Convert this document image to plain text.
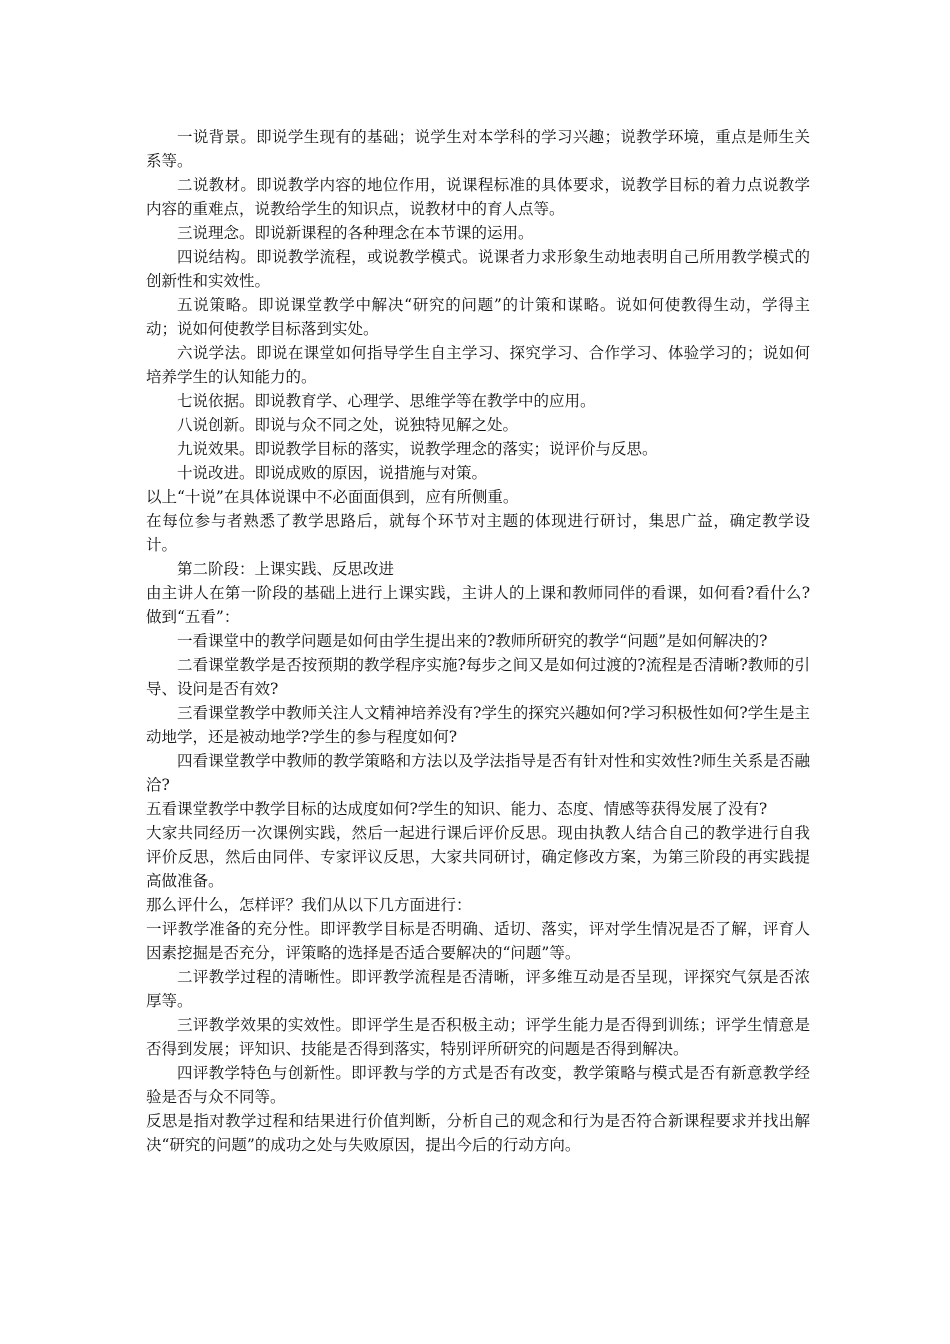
一说背景。即说学生现有的基础；说学生对本学科的学习兴趣；说教学环境，重点是师生关系等。

二说教材。即说教学内容的地位作用，说课程标准的具体要求，说教学目标的着力点说教学内容的重难点，说教给学生的知识点，说教材中的育人点等。

三说理念。即说新课程的各种理念在本节课的运用。

四说结构。即说教学流程，或说教学模式。说课者力求形象生动地表明自己所用教学模式的创新性和实效性。

五说策略。即说课堂教学中解决“研究的问题”的计策和谋略。说如何使教得生动，学得主动；说如何使教学目标落到实处。

六说学法。即说在课堂如何指导学生自主学习、探究学习、合作学习、体验学习的；说如何培养学生的认知能力的。

七说依据。即说教育学、心理学、思维学等在教学中的应用。

八说创新。即说与众不同之处，说独特见解之处。

九说效果。即说教学目标的落实，说教学理念的落实；说评价与反思。

十说改进。即说成败的原因，说措施与对策。

以上“十说”在具体说课中不必面面俱到，应有所侧重。

在每位参与者熟悉了教学思路后，就每个环节对主题的体现进行研讨，集思广益，确定教学设计。

第二阶段：上课实践、反思改进

由主讲人在第一阶段的基础上进行上课实践，主讲人的上课和教师同伴的看课，如何看?看什么?做到“五看”：

一看课堂中的教学问题是如何由学生提出来的?教师所研究的教学“问题”是如何解决的?

二看课堂教学是否按预期的教学程序实施?每步之间又是如何过渡的?流程是否清晰?教师的引导、设问是否有效?

三看课堂教学中教师关注人文精神培养没有?学生的探究兴趣如何?学习积极性如何?学生是主动地学，还是被动地学?学生的参与程度如何?

四看课堂教学中教师的教学策略和方法以及学法指导是否有针对性和实效性?师生关系是否融洽?

五看课堂教学中教学目标的达成度如何?学生的知识、能力、态度、情感等获得发展了没有?

大家共同经历一次课例实践，然后一起进行课后评价反思。现由执教人结合自己的教学进行自我评价反思，然后由同伴、专家评议反思，大家共同研讨，确定修改方案，为第三阶段的再实践提高做准备。

那么评什么，怎样评？我们从以下几方面进行：

一评教学准备的充分性。即评教学目标是否明确、适切、落实，评对学生情况是否了解，评育人因素挖掘是否充分，评策略的选择是否适合要解决的“问题”等。

二评教学过程的清晰性。即评教学流程是否清晰，评多维互动是否呈现，评探究气氛是否浓厚等。

三评教学效果的实效性。即评学生是否积极主动；评学生能力是否得到训练；评学生情意是否得到发展；评知识、技能是否得到落实，特别评所研究的问题是否得到解决。

四评教学特色与创新性。即评教与学的方式是否有改变，教学策略与模式是否有新意教学经验是否与众不同等。

反思是指对教学过程和结果进行价值判断，分析自己的观念和行为是否符合新课程要求并找出解决“研究的问题”的成功之处与失败原因，提出今后的行动方向。
